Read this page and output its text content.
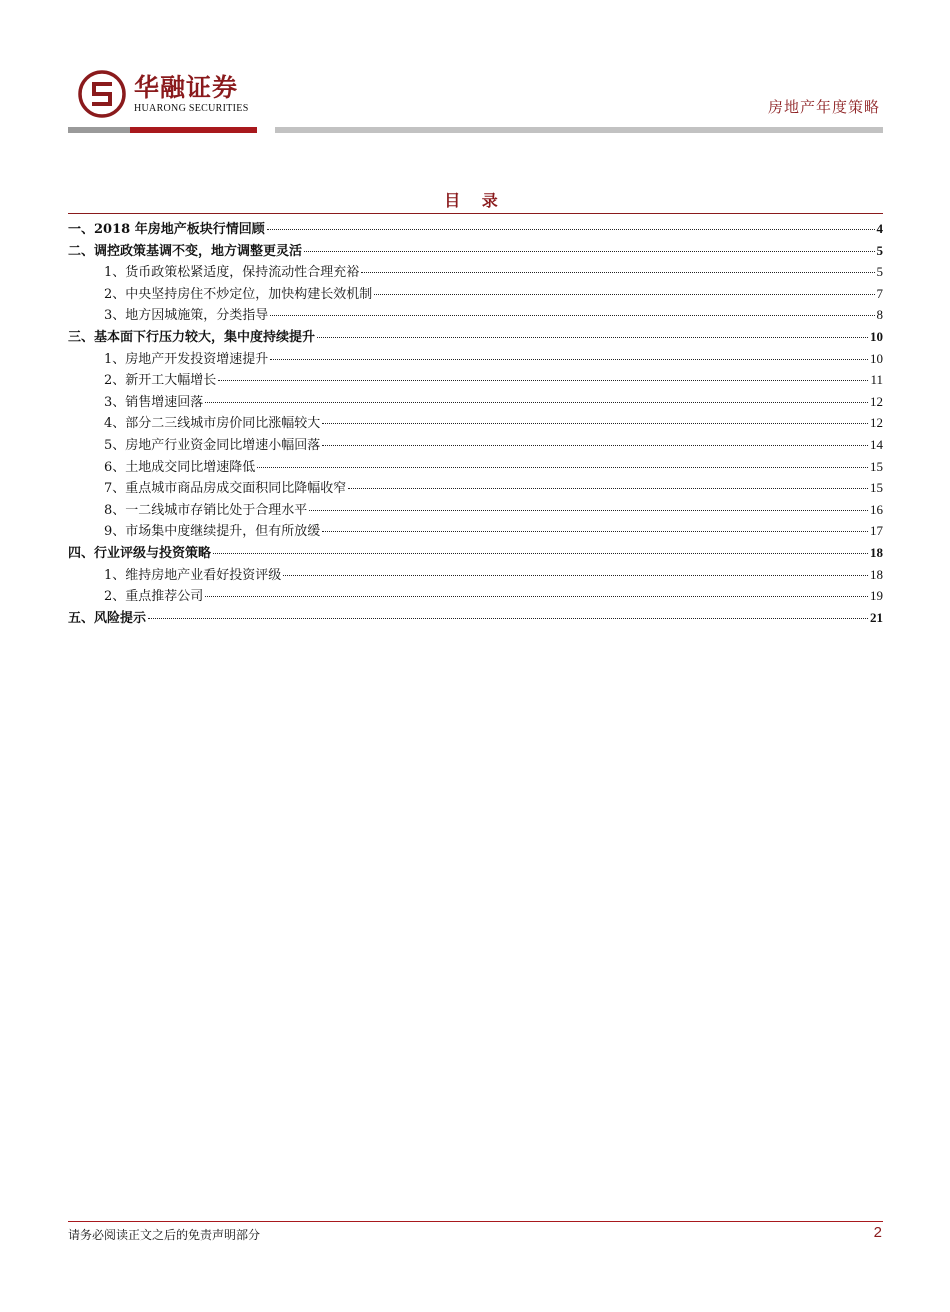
华融证券
HUARONG SECURITIES	房地产年度策略
目 录
一、2018 年房地产板块行情回顾	4
二、调控政策基调不变，地方调整更灵活	5
1、货币政策松紧适度，保持流动性合理充裕	5
2、中央坚持房住不炒定位，加快构建长效机制	7
3、地方因城施策，分类指导	8
三、基本面下行压力较大，集中度持续提升	10
1、房地产开发投资增速提升	10
2、新开工大幅增长	11
3、销售增速回落	12
4、部分二三线城市房价同比涨幅较大	12
5、房地产行业资金同比增速小幅回落	14
6、土地成交同比增速降低	15
7、重点城市商品房成交面积同比降幅收窄	15
8、一二线城市存销比处于合理水平	16
9、市场集中度继续提升，但有所放缓	17
四、行业评级与投资策略	18
1、维持房地产业看好投资评级	18
2、重点推荐公司	19
五、风险提示	21
请务必阅读正文之后的免责声明部分	2
